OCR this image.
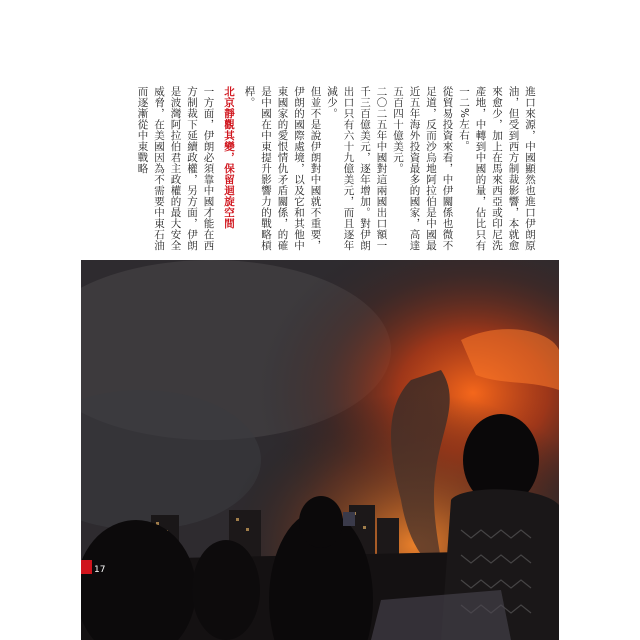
進口來源，中國顯然也進口伊朗原油，但受到西方制裁影響，本就愈來愈少，加上在馬來西亞或印尼洗產地，中轉到中國的量，佔比只有一二%左右。

從貿易投資來看，中伊關係也微不足道，反而沙烏地阿拉伯是中國最近五年海外投資最多的國家，高達五百四十億美元。

二〇二五年中國對這兩國出口額一千三百億美元，逐年增加。對伊朗出口只有六十九億美元，而且逐年減少。

但並不是說伊朗對中國就不重要，伊朗的國際處境，以及它和其他中東國家的愛恨情仇矛盾關係，的確是中國在中東提升影響力的戰略槓桿。

北京靜觀其變，保留迴旋空間

一方面，伊朗必須靠中國才能在西方制裁下延續政權，另方面，伊朗是波灣阿拉伯君主政權的最大安全威脅，在美國因為不需要中東石油而逐漸從中東戰略

17
